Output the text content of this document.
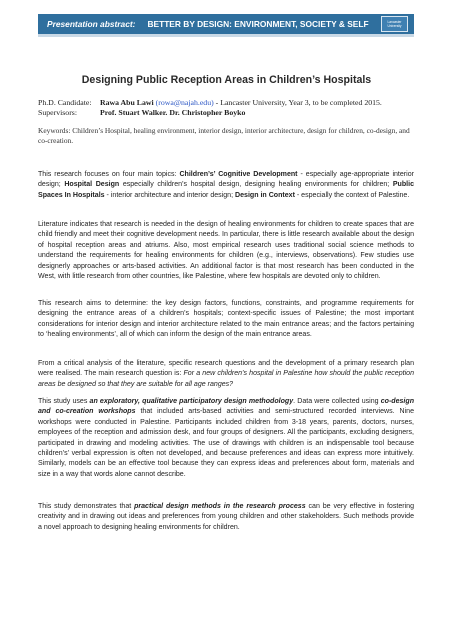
Presentation abstract: BETTER BY DESIGN: ENVIRONMENT, SOCIETY & SELF	Lancaster
University
Designing Public Reception Areas in Children’s Hospitals
Ph.D. Candidate: Rawa Abu Lawi (rowa@najah.edu) - Lancaster University, Year 3, to be completed 2015.
Supervisors:	Prof. Stuart Walker. Dr. Christopher Boyko
Keywords: Children’s Hospital, healing environment, interior design, interior architecture, design for children, co-design, and co-creation.
This research focuses on four main topics: Children’s’ Cognitive Development - especially age-appropriate interior design; Hospital Design especially children’s hospital design, designing healing environments for children; Public Spaces In Hospitals - interior architecture and interior design; Design in Context - especially the context of Palestine.
Literature indicates that research is needed in the design of healing environments for children to create spaces that are child friendly and meet their cognitive development needs. In particular, there is little research available about the design of hospital reception areas and atriums. Also, most empirical research uses traditional social science methods to understand the requirements for healing environments for children (e.g., interviews, observations). Few studies use designerly approaches or arts-based activities. An additional factor is that most research has been conducted in the West, with little research from other countries, like Palestine, where few hospitals are devoted only to children.
This research aims to determine: the key design factors, functions, constraints, and programme requirements for designing the entrance areas of a children’s hospitals; context-specific issues of Palestine; the most important considerations for interior design and interior architecture related to the main entrance areas; and the factors pertaining to ‘healing environments’, all of which can inform the design of the main entrance areas.
From a critical analysis of the literature, specific research questions and the development of a primary research plan were realised. The main research question is: For a new children’s hospital in Palestine how should the public reception areas be designed so that they are suitable for all age ranges?
This study uses an exploratory, qualitative participatory design methodology. Data were collected using co-design and co-creation workshops that included arts-based activities and semi-structured recorded interviews. Nine workshops were conducted in Palestine. Participants included children from 3-18 years, parents, doctors, nurses, employees of the reception and admission desk, and four groups of designers. All the participants, excluding designers, participated in drawing and modeling activities. The use of drawings with children is an indispensable tool because children’s’ verbal expression is often not developed, and because preferences and ideas can express more intuitively. Similarly, models can be an effective tool because they can express ideas and preferences about form, materials and size in a way that words alone cannot describe.
This study demonstrates that practical design methods in the research process can be very effective in fostering creativity and in drawing out ideas and preferences from young children and other stakeholders. Such methods provide a novel approach to designing healing environments for children.
